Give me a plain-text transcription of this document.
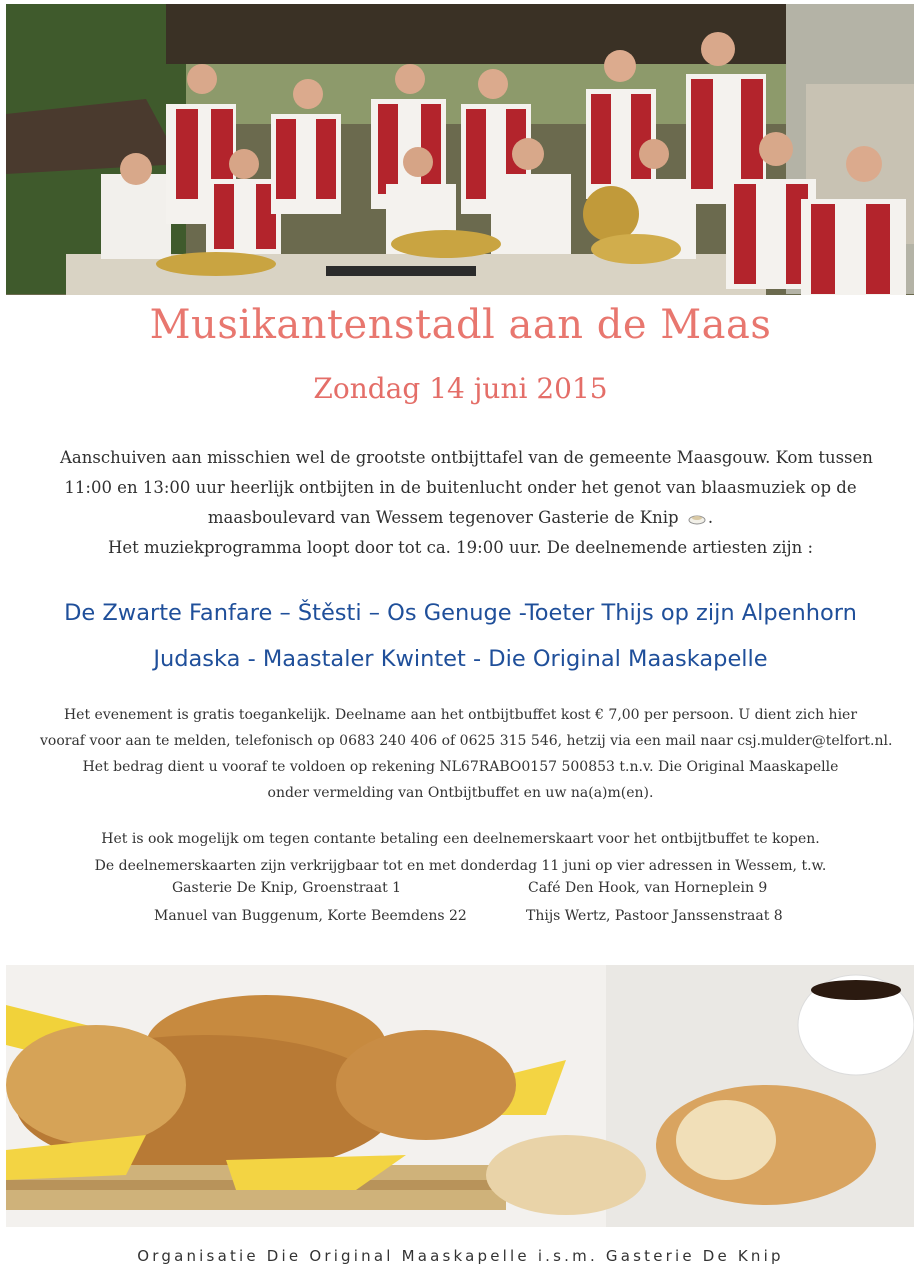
Musikantenstadl aan de Maas
Zondag 14 juni 2015
Aanschuiven aan misschien wel de grootste ontbijttafel van de gemeente Maasgouw. Kom tussen
11:00 en 13:00 uur heerlijk ontbijten in de buitenlucht onder het genot van blaasmuziek op de
maasboulevard van Wessem tegenover Gasterie de Knip .
Het muziekprogramma loopt door tot ca. 19:00 uur. De deelnemende artiesten zijn :
De Zwarte Fanfare – Štěsti – Os Genuge -Toeter Thijs op zijn Alpenhorn
Judaska - Maastaler Kwintet - Die Original Maaskapelle
Het evenement is gratis toegankelijk. Deelname aan het ontbijtbuffet kost € 7,00 per persoon. U dient zich hier
vooraf voor aan te melden, telefonisch op 0683 240 406 of 0625 315 546, hetzij via een mail naar csj.mulder@telfort.nl.
Het bedrag dient u vooraf te voldoen op rekening NL67RABO0157 500853 t.n.v. Die Original Maaskapelle
onder vermelding van Ontbijtbuffet en uw na(a)m(en).
Het is ook mogelijk om tegen contante betaling een deelnemerskaart voor het ontbijtbuffet te kopen.
De deelnemerskaarten zijn verkrijgbaar tot en met donderdag 11 juni op vier adressen in Wessem, t.w.
Gasterie De Knip, Groenstraat 1	Café Den Hook, van Horneplein 9
Manuel van Buggenum, Korte Beemdens 22	Thijs Wertz, Pastoor Janssenstraat 8
Organisatie Die Original Maaskapelle i.s.m. Gasterie De Knip
